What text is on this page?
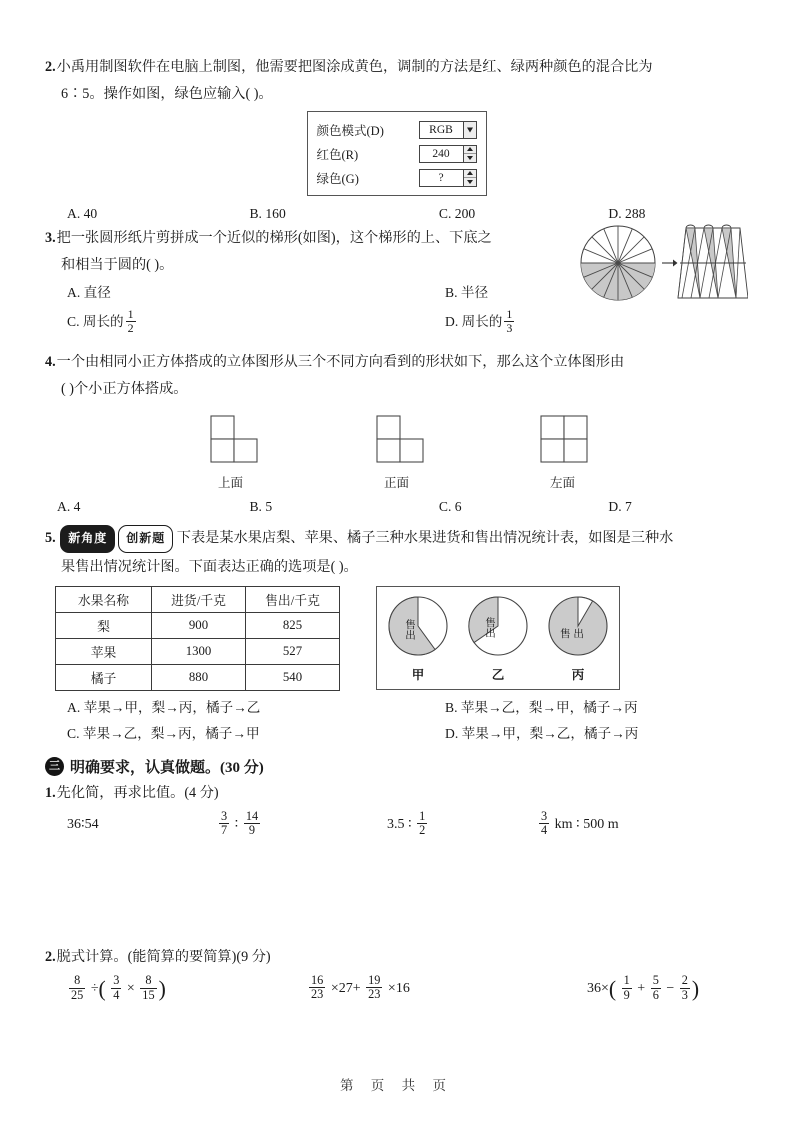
2.小禹用制图软件在电脑上制图，他需要把图涂成黄色，调制的方法是红、绿两种颜色的混合比为

6∶5。操作如图，绿色应输入( )。

颜色模式(D)	RGB
红色(R)	240
绿色(G)	?
A. 40	B. 160	C. 200	D. 288

3.把一张圆形纸片剪拼成一个近似的梯形(如图)，这个梯形的上、下底之

和相当于圆的( )。

A. 直径	B. 半径
C. 周长的 $\frac{1}{2}$	D. 周长的 $\frac{1}{3}$

4.一个由相同小正方体搭成的立体图形从三个不同方向看到的形状如下，那么这个立体图形由

( )个小正方体搭成。

上面	正面	左面
A. 4	B. 5	C. 6	D. 7

5. 新角度 创新题 下表是某水果店梨、苹果、橘子三种水果进货和售出情况统计表，如图是三种水

果售出情况统计图。下面表达正确的选项是( )。

水果名称	进货/千克	售出/千克
梨	900	825
苹果	1300	527
橘子	880	540
售出
甲
售出
乙
售 出
丙
A. 苹果→甲，梨→丙，橘子→乙	B. 苹果→乙，梨→甲，橘子→丙
C. 苹果→乙，梨→丙，橘子→甲	D. 苹果→甲，梨→乙，橘子→丙
三 明确要求，认真做题。(30 分)

1.先化简，再求比值。(4 分)

36∶54	$\frac{3}{7}$ ∶ $\frac{14}{9}$	3.5 ∶ $\frac{1}{2}$	$\frac{3}{4}$ km ∶ 500 m

2.脱式计算。(能简算的要简算)(9 分)

$\frac{8}{25}$ ÷( $\frac{3}{4} \times \frac{8}{15}$ )	$\frac{16}{23} \times 27+ \frac{19}{23} \times 16$	$36\times( \frac{1}{9} + \frac{5}{6} - \frac{2}{3}$ )
第 页 共 页
